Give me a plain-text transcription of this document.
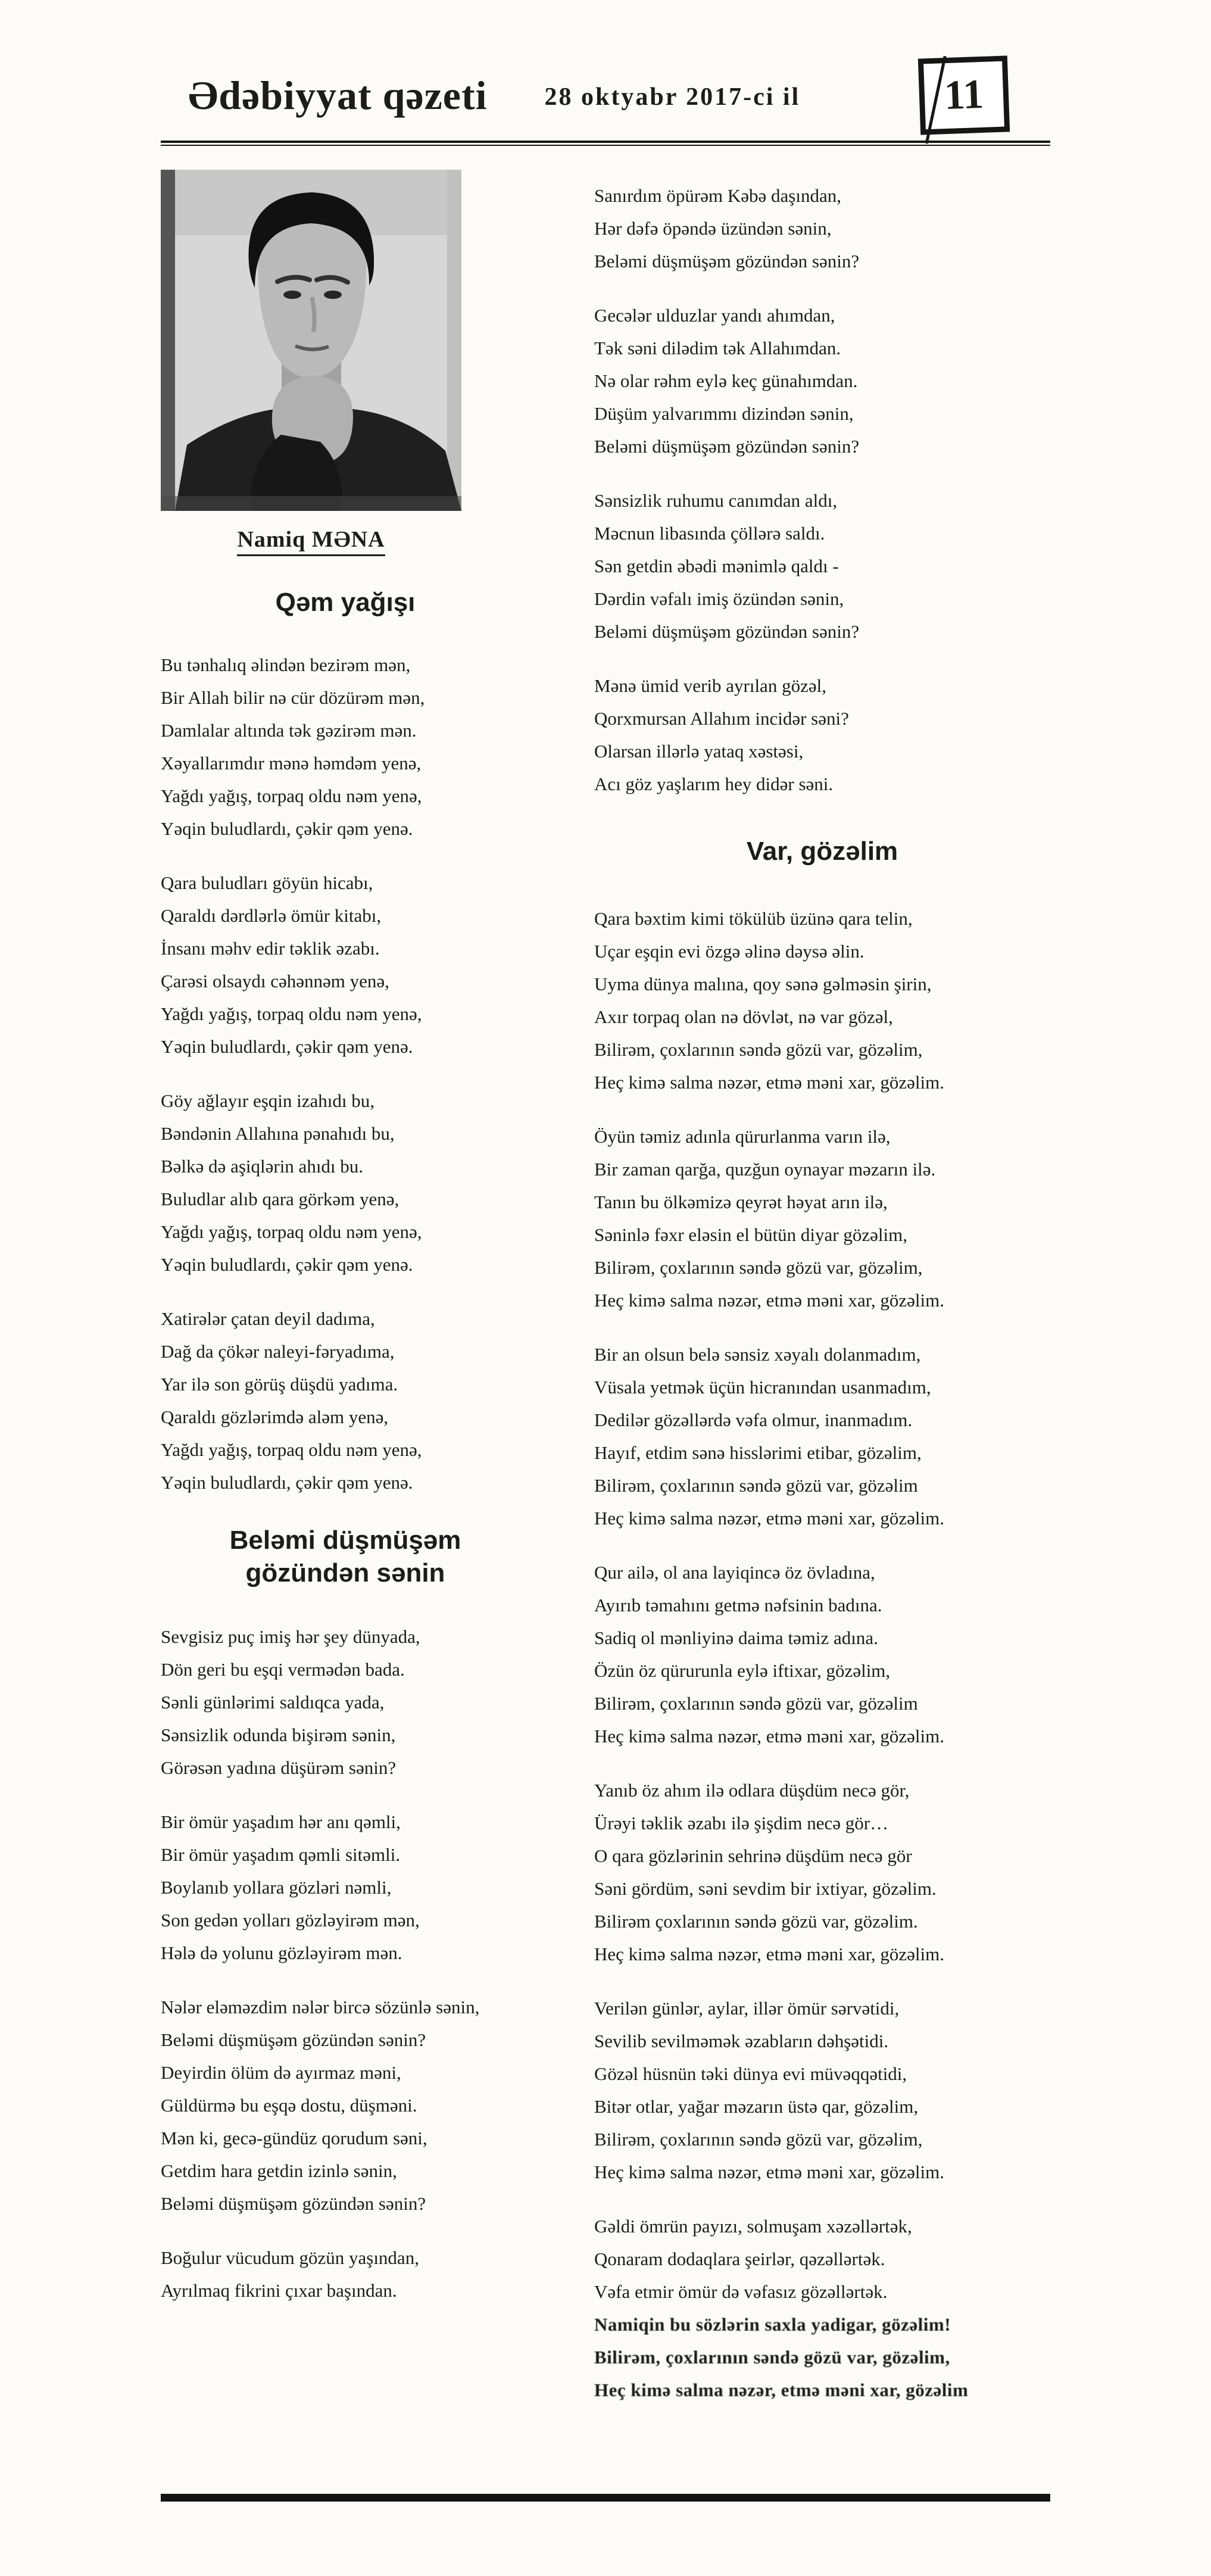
Ədəbiyyat qəzeti 28 oktyabr 2017-ci il	11
Namiq MƏNA
Qəm yağışı
Bu tənhalıq əlindən bezirəm mən,
Bir Allah bilir nə cür dözürəm mən,
Damlalar altında tək gəzirəm mən.
Xəyallarımdır mənə həmdəm yenə,
Yağdı yağış, torpaq oldu nəm yenə,
Yəqin buludlardı, çəkir qəm yenə.
Qara buludları göyün hicabı,
Qaraldı dərdlərlə ömür kitabı,
İnsanı məhv edir təklik əzabı.
Çarəsi olsaydı cəhənnəm yenə,
Yağdı yağış, torpaq oldu nəm yenə,
Yəqin buludlardı, çəkir qəm yenə.
Göy ağlayır eşqin izahıdı bu,
Bəndənin Allahına pənahıdı bu,
Bəlkə də aşiqlərin ahıdı bu.
Buludlar alıb qara görkəm yenə,
Yağdı yağış, torpaq oldu nəm yenə,
Yəqin buludlardı, çəkir qəm yenə.
Xatirələr çatan deyil dadıma,
Dağ da çökər naleyi-fəryadıma,
Yar ilə son görüş düşdü yadıma.
Qaraldı gözlərimdə aləm yenə,
Yağdı yağış, torpaq oldu nəm yenə,
Yəqin buludlardı, çəkir qəm yenə.
Beləmi düşmüşəm gözündən sənin
Sevgisiz puç imiş hər şey dünyada,
Dön geri bu eşqi vermədən bada.
Sənli günlərimi saldıqca yada,
Sənsizlik odunda bişirəm sənin,
Görəsən yadına düşürəm sənin?
Bir ömür yaşadım hər anı qəmli,
Bir ömür yaşadım qəmli sitəmli.
Boylanıb yollara gözləri nəmli,
Son gedən yolları gözləyirəm mən,
Hələ də yolunu gözləyirəm mən.
Nələr eləməzdim nələr bircə sözünlə sənin,
Beləmi düşmüşəm gözündən sənin?
Deyirdin ölüm də ayırmaz məni,
Güldürmə bu eşqə dostu, düşməni.
Mən ki, gecə-gündüz qorudum səni,
Getdim hara getdin izinlə sənin,
Beləmi düşmüşəm gözündən sənin?
Boğulur vücudum gözün yaşından,
Ayrılmaq fikrini çıxar başından.
Sanırdım öpürəm Kəbə daşından,
Hər dəfə öpəndə üzündən sənin,
Beləmi düşmüşəm gözündən sənin?
Gecələr ulduzlar yandı ahımdan,
Tək səni dilədim tək Allahımdan.
Nə olar rəhm eylə keç günahımdan.
Düşüm yalvarımmı dizindən sənin,
Beləmi düşmüşəm gözündən sənin?
Sənsizlik ruhumu canımdan aldı,
Məcnun libasında çöllərə saldı.
Sən getdin əbədi mənimlə qaldı -
Dərdin vəfalı imiş özündən sənin,
Beləmi düşmüşəm gözündən sənin?
Mənə ümid verib ayrılan gözəl,
Qorxmursan Allahım incidər səni?
Olarsan illərlə yataq xəstəsi,
Acı göz yaşlarım hey didər səni.
Var, gözəlim
Qara bəxtim kimi tökülüb üzünə qara telin,
Uçar eşqin evi özgə əlinə dəysə əlin.
Uyma dünya malına, qoy sənə gəlməsin şirin,
Axır torpaq olan nə dövlət, nə var gözəl,
Bilirəm, çoxlarının səndə gözü var, gözəlim,
Heç kimə salma nəzər, etmə məni xar, gözəlim.
Öyün təmiz adınla qürurlanma varın ilə,
Bir zaman qarğa, quzğun oynayar məzarın ilə.
Tanın bu ölkəmizə qeyrət həyat arın ilə,
Səninlə fəxr eləsin el bütün diyar gözəlim,
Bilirəm, çoxlarının səndə gözü var, gözəlim,
Heç kimə salma nəzər, etmə məni xar, gözəlim.
Bir an olsun belə sənsiz xəyalı dolanmadım,
Vüsala yetmək üçün hicranından usanmadım,
Dedilər gözəllərdə vəfa olmur, inanmadım.
Hayıf, etdim sənə hisslərimi etibar, gözəlim,
Bilirəm, çoxlarının səndə gözü var, gözəlim
Heç kimə salma nəzər, etmə məni xar, gözəlim.
Qur ailə, ol ana layiqincə öz övladına,
Ayırıb təmahını getmə nəfsinin badına.
Sadiq ol mənliyinə daima təmiz adına.
Özün öz qürurunla eylə iftixar, gözəlim,
Bilirəm, çoxlarının səndə gözü var, gözəlim
Heç kimə salma nəzər, etmə məni xar, gözəlim.
Yanıb öz ahım ilə odlara düşdüm necə gör,
Ürəyi təklik əzabı ilə şişdim necə gör…
O qara gözlərinin sehrinə düşdüm necə gör
Səni gördüm, səni sevdim bir ixtiyar, gözəlim.
Bilirəm çoxlarının səndə gözü var, gözəlim.
Heç kimə salma nəzər, etmə məni xar, gözəlim.
Verilən günlər, aylar, illər ömür sərvətidi,
Sevilib sevilməmək əzabların dəhşətidi.
Gözəl hüsnün təki dünya evi müvəqqətidi,
Bitər otlar, yağar məzarın üstə qar, gözəlim,
Bilirəm, çoxlarının səndə gözü var, gözəlim,
Heç kimə salma nəzər, etmə məni xar, gözəlim.
Gəldi ömrün payızı, solmuşam xəzəllərtək,
Qonaram dodaqlara şeirlər, qəzəllərtək.
Vəfa etmir ömür də vəfasız gözəllərtək.
Namiqin bu sözlərin saxla yadigar, gözəlim!
Bilirəm, çoxlarının səndə gözü var, gözəlim,
Heç kimə salma nəzər, etmə məni xar, gözəlim
